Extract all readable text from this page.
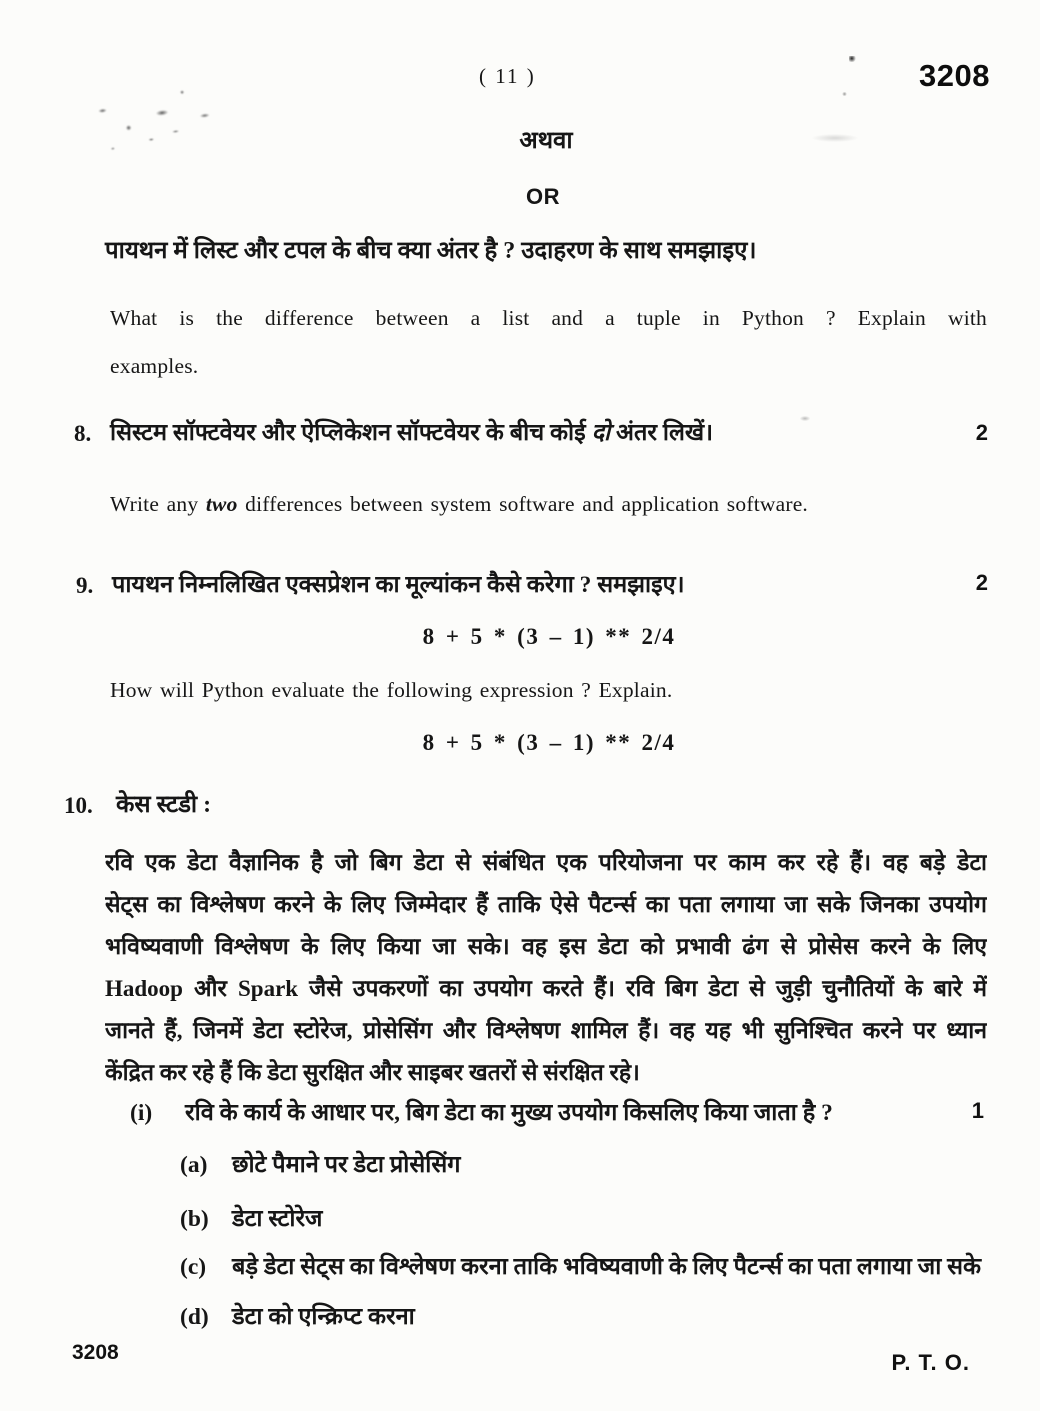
( 11 )	3208
अथवा
OR
पायथन में लिस्ट और टपल के बीच क्या अंतर है ? उदाहरण के साथ समझाइए।
What is the difference between a list and a tuple in Python ? Explain with
examples.
8. सिस्टम सॉफ्टवेयर और ऐप्लिकेशन सॉफ्टवेयर के बीच कोई दो अंतर लिखें।	2
Write any two differences between system software and application software.
9. पायथन निम्नलिखित एक्सप्रेशन का मूल्यांकन कैसे करेगा ? समझाइए।	2
8 + 5 * (3 – 1) ** 2/4
How will Python evaluate the following expression ? Explain.
8 + 5 * (3 – 1) ** 2/4
10. केस स्टडी :
रवि एक डेटा वैज्ञानिक है जो बिग डेटा से संबंधित एक परियोजना पर काम कर रहे हैं। वह बड़े डेटा
सेट्स का विश्लेषण करने के लिए जिम्मेदार हैं ताकि ऐसे पैटर्न्स का पता लगाया जा सके जिनका उपयोग
भविष्यवाणी विश्लेषण के लिए किया जा सके। वह इस डेटा को प्रभावी ढंग से प्रोसेस करने के लिए
Hadoop और Spark जैसे उपकरणों का उपयोग करते हैं। रवि बिग डेटा से जुड़ी चुनौतियों के बारे में
जानते हैं, जिनमें डेटा स्टोरेज, प्रोसेसिंग और विश्लेषण शामिल हैं। वह यह भी सुनिश्चित करने पर ध्यान
केंद्रित कर रहे हैं कि डेटा सुरक्षित और साइबर खतरों से संरक्षित रहे।
(i) रवि के कार्य के आधार पर, बिग डेटा का मुख्य उपयोग किसलिए किया जाता है ?	1
(a) छोटे पैमाने पर डेटा प्रोसेसिंग
(b) डेटा स्टोरेज
(c) बड़े डेटा सेट्स का विश्लेषण करना ताकि भविष्यवाणी के लिए पैटर्न्स का पता लगाया जा सके
(d) डेटा को एन्क्रिप्ट करना
3208	P. T. O.
